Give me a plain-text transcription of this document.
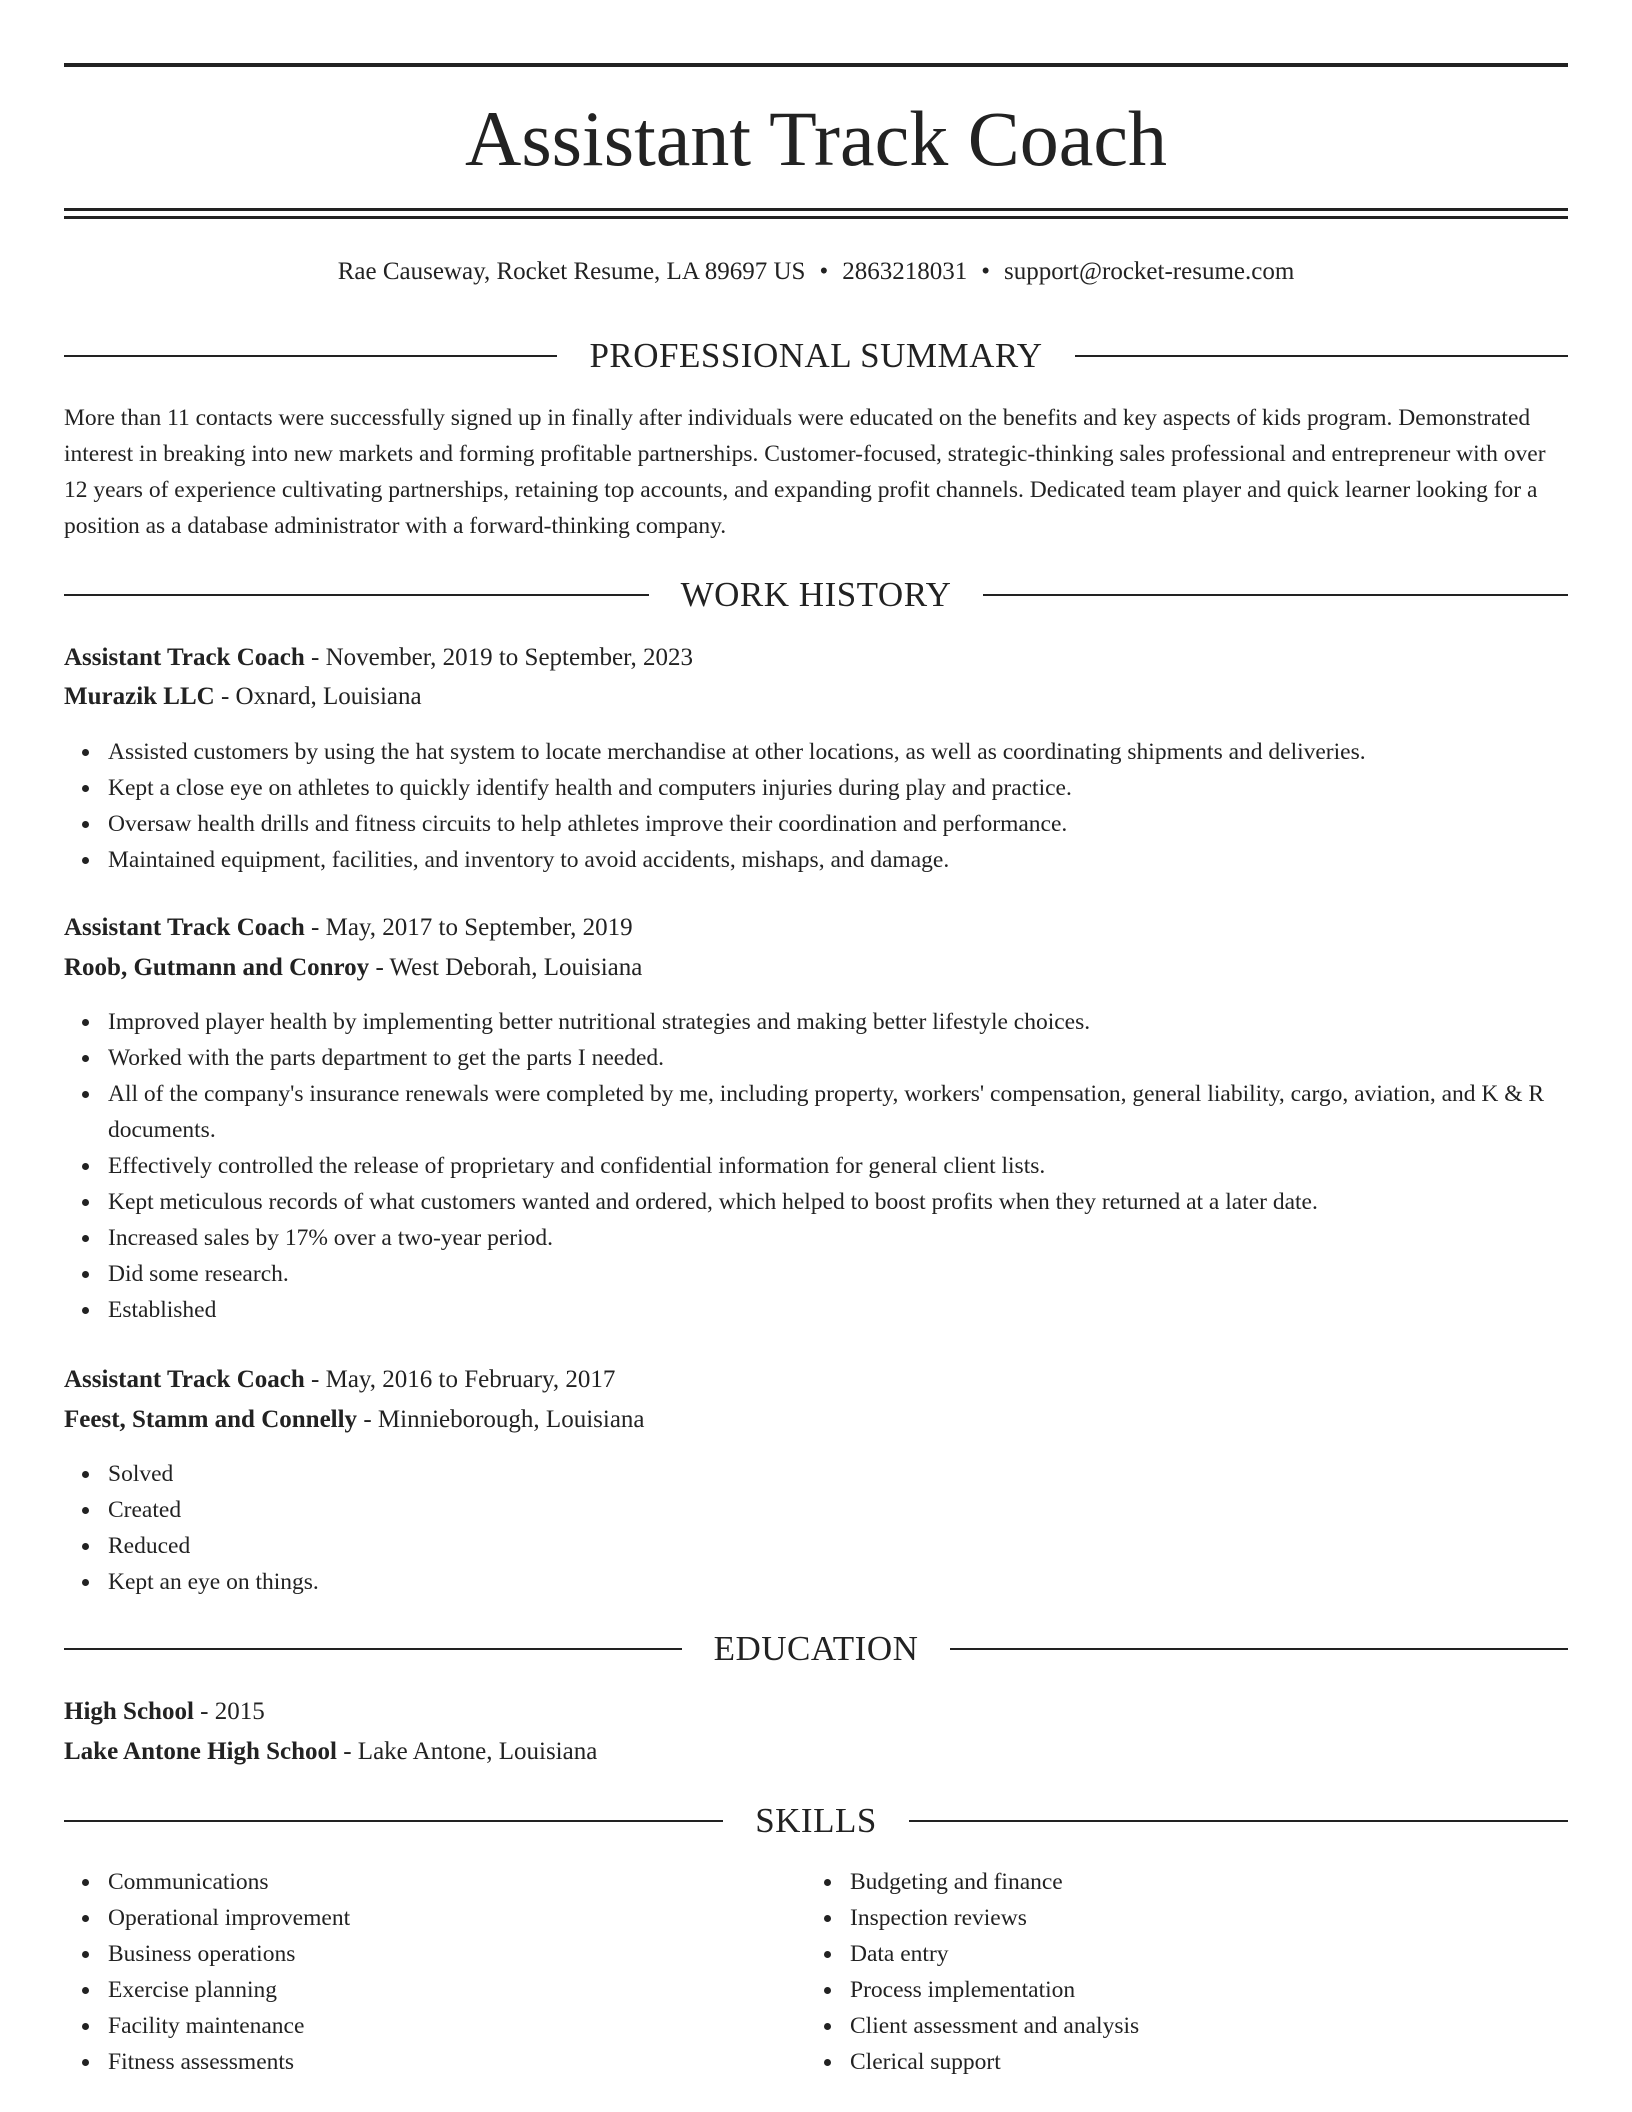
Assistant Track Coach
Rae Causeway, Rocket Resume, LA 89697 US • 2863218031 • support@rocket-resume.com
PROFESSIONAL SUMMARY

More than 11 contacts were successfully signed up in finally after individuals were educated on the benefits and key aspects of kids program. Demonstrated interest in breaking into new markets and forming profitable partnerships. Customer-focused, strategic-thinking sales professional and entrepreneur with over 12 years of experience cultivating partnerships, retaining top accounts, and expanding profit channels. Dedicated team player and quick learner looking for a position as a database administrator with a forward-thinking company.

WORK HISTORY
Assistant Track Coach - November, 2019 to September, 2023
Murazik LLC - Oxnard, Louisiana
Assisted customers by using the hat system to locate merchandise at other locations, as well as coordinating shipments and deliveries.
Kept a close eye on athletes to quickly identify health and computers injuries during play and practice.
Oversaw health drills and fitness circuits to help athletes improve their coordination and performance.
Maintained equipment, facilities, and inventory to avoid accidents, mishaps, and damage.
Assistant Track Coach - May, 2017 to September, 2019
Roob, Gutmann and Conroy - West Deborah, Louisiana
Improved player health by implementing better nutritional strategies and making better lifestyle choices.
Worked with the parts department to get the parts I needed.
All of the company's insurance renewals were completed by me, including property, workers' compensation, general liability, cargo, aviation, and K & R documents.
Effectively controlled the release of proprietary and confidential information for general client lists.
Kept meticulous records of what customers wanted and ordered, which helped to boost profits when they returned at a later date.
Increased sales by 17% over a two-year period.
Did some research.
Established
Assistant Track Coach - May, 2016 to February, 2017
Feest, Stamm and Connelly - Minnieborough, Louisiana
Solved
Created
Reduced
Kept an eye on things.
EDUCATION
High School - 2015
Lake Antone High School - Lake Antone, Louisiana
SKILLS
Communications
Operational improvement
Business operations
Exercise planning
Facility maintenance
Fitness assessments
Budgeting and finance
Inspection reviews
Data entry
Process implementation
Client assessment and analysis
Clerical support
